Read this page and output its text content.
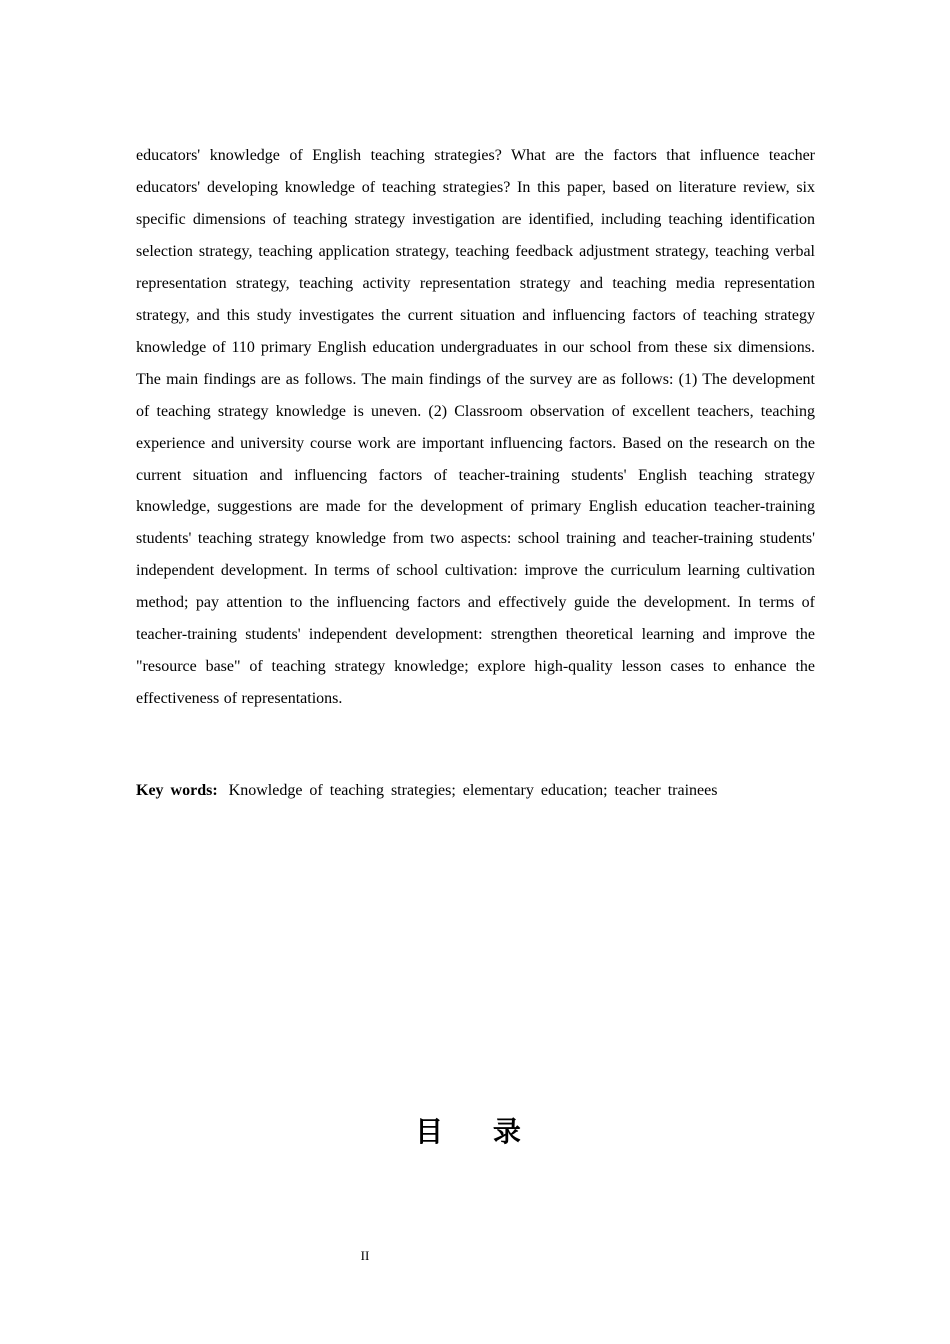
educators' knowledge of English teaching strategies? What are the factors that influence teacher educators' developing knowledge of teaching strategies? In this paper, based on literature review, six specific dimensions of teaching strategy investigation are identified, including teaching identification selection strategy, teaching application strategy, teaching feedback adjustment strategy, teaching verbal representation strategy, teaching activity representation strategy and teaching media representation strategy, and this study investigates the current situation and influencing factors of teaching strategy knowledge of 110 primary English education undergraduates in our school from these six dimensions. The main findings are as follows. The main findings of the survey are as follows: (1) The development of teaching strategy knowledge is uneven. (2) Classroom observation of excellent teachers, teaching experience and university course work are important influencing factors. Based on the research on the current situation and influencing factors of teacher-training students' English teaching strategy knowledge, suggestions are made for the development of primary English education teacher-training students' teaching strategy knowledge from two aspects: school training and teacher-training students' independent development. In terms of school cultivation: improve the curriculum learning cultivation method; pay attention to the influencing factors and effectively guide the development. In terms of teacher-training students' independent development: strengthen theoretical learning and improve the "resource base" of teaching strategy knowledge; explore high-quality lesson cases to enhance the effectiveness of representations.

Key words: Knowledge of teaching strategies; elementary education; teacher trainees

目 录
II
